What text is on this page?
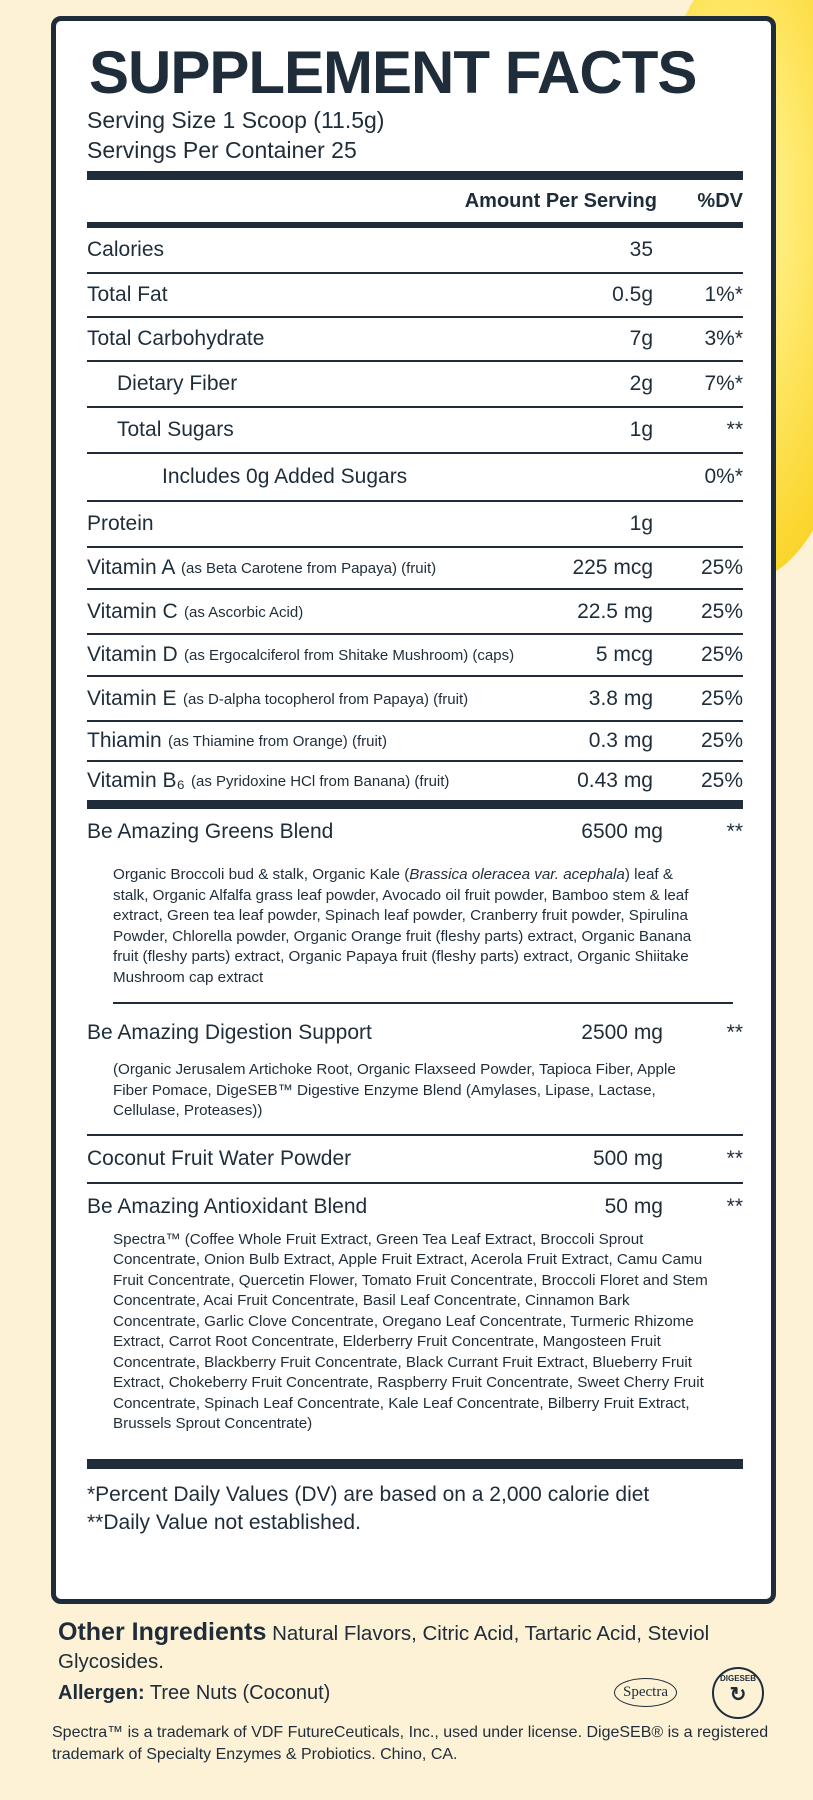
SUPPLEMENT FACTS
Serving Size 1 Scoop (11.5g)
Servings Per Container 25
Amount Per Serving %DV
Calories	35
Total Fat	0.5g 1%*
Total Carbohydrate	7g 3%*
Dietary Fiber	2g 7%*
Total Sugars	1g	**
Includes 0g Added Sugars	0%*
Protein	1g
Vitamin A (as Beta Carotene from Papaya) (fruit)	225 mcg 25%
Vitamin C (as Ascorbic Acid)	22.5 mg 25%
Vitamin D (as Ergocalciferol from Shitake Mushroom) (caps)	5 mcg 25%
Vitamin E (as D-alpha tocopherol from Papaya) (fruit)	3.8 mg 25%
Thiamin (as Thiamine from Orange) (fruit)	0.3 mg 25%
Vitamin B₆ (as Pyridoxine HCl from Banana) (fruit)	0.43 mg 25%
Be Amazing Greens Blend	6500 mg	**
Organic Broccoli bud & stalk, Organic Kale (Brassica oleracea var. acephala) leaf & stalk, Organic Alfalfa grass leaf powder, Avocado oil fruit powder, Bamboo stem & leaf extract, Green tea leaf powder, Spinach leaf powder, Cranberry fruit powder, Spirulina Powder, Chlorella powder, Organic Orange fruit (fleshy parts) extract, Organic Banana fruit (fleshy parts) extract, Organic Papaya fruit (fleshy parts) extract, Organic Shiitake Mushroom cap extract
Be Amazing Digestion Support	2500 mg	**
(Organic Jerusalem Artichoke Root, Organic Flaxseed Powder, Tapioca Fiber, Apple Fiber Pomace, DigeSEB™ Digestive Enzyme Blend (Amylases, Lipase, Lactase, Cellulase, Proteases))
Coconut Fruit Water Powder	500 mg	**
Be Amazing Antioxidant Blend	50 mg	**
Spectra™ (Coffee Whole Fruit Extract, Green Tea Leaf Extract, Broccoli Sprout Concentrate, Onion Bulb Extract, Apple Fruit Extract, Acerola Fruit Extract, Camu Camu Fruit Concentrate, Quercetin Flower, Tomato Fruit Concentrate, Broccoli Floret and Stem Concentrate, Acai Fruit Concentrate, Basil Leaf Concentrate, Cinnamon Bark Concentrate, Garlic Clove Concentrate, Oregano Leaf Concentrate, Turmeric Rhizome Extract, Carrot Root Concentrate, Elderberry Fruit Concentrate, Mangosteen Fruit Concentrate, Blackberry Fruit Concentrate, Black Currant Fruit Extract, Blueberry Fruit Extract, Chokeberry Fruit Concentrate, Raspberry Fruit Concentrate, Sweet Cherry Fruit Concentrate, Spinach Leaf Concentrate, Kale Leaf Concentrate, Bilberry Fruit Extract, Brussels Sprout Concentrate)
*Percent Daily Values (DV) are based on a 2,000 calorie diet
**Daily Value not established.
Other Ingredients Natural Flavors, Citric Acid, Tartaric Acid, Steviol Glycosides.
Allergen: Tree Nuts (Coconut)	Spectra
DIGESEB
↻
Spectra™ is a trademark of VDF FutureCeuticals, Inc., used under license. DigeSEB® is a registered trademark of Specialty Enzymes & Probiotics. Chino, CA.
